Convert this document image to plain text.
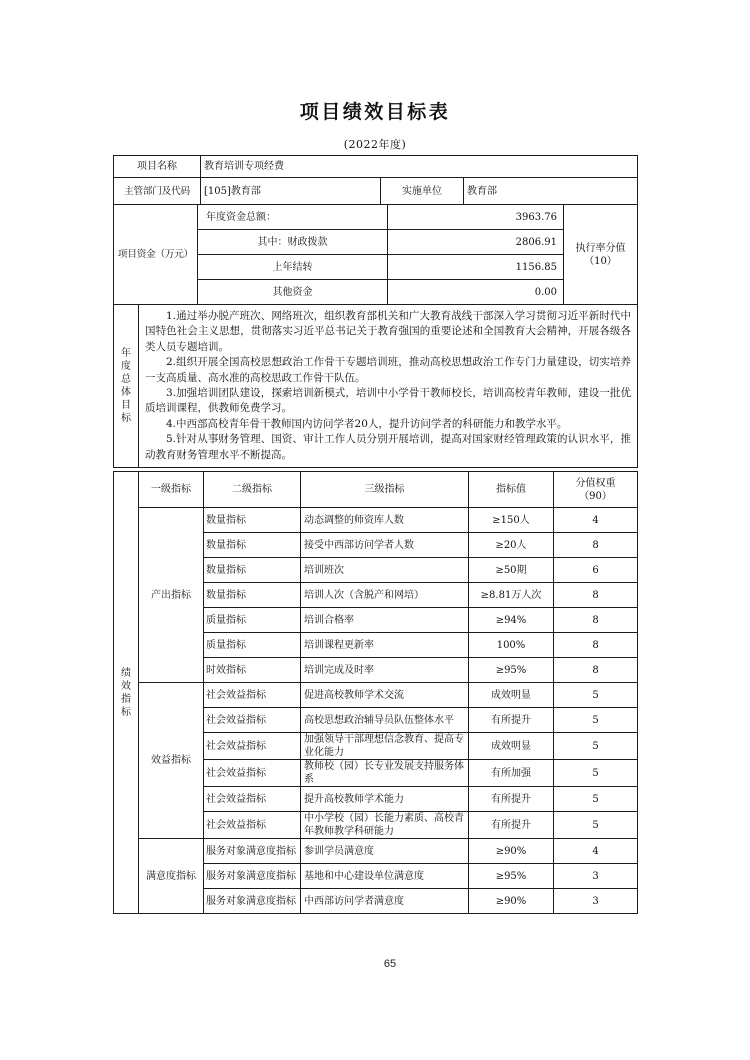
项目绩效目标表
(2022年度)
项目名称	教育培训专项经费		
主管部门及代码	[105]教育部	实施单位	教育部
项目资金（万元）	年度资金总额：	3963.76	执行率分值
（10）
	其中：财政拨款	2806.91	
	上年结转	1156.85	
	其他资金	0.00	
年度
总体
目标	

1.通过举办脱产班次、网络班次，组织教育部机关和广大教育战线干部深入学习贯彻习近平新时代中国特色社会主义思想，贯彻落实习近平总书记关于教育强国的重要论述和全国教育大会精神，开展各级各类人员专题培训。

2.组织开展全国高校思想政治工作骨干专题培训班，推动高校思想政治工作专门力量建设，切实培养一支高质量、高水准的高校思政工作骨干队伍。

3.加强培训团队建设，探索培训新模式，培训中小学骨干教师校长，培训高校青年教师，建设一批优质培训课程，供教师免费学习。

4.中西部高校青年骨干教师国内访问学者20人，提升访问学者的科研能力和教学水平。

5.针对从事财务管理、国资、审计工作人员分别开展培训，提高对国家财经管理政策的认识水平，推动教育财务管理水平不断提高。

绩效
指标	一级指标	二级指标	三级指标	指标值	分值权重
（90）
	产出指标	数量指标	动态调整的师资库人数	≥150人	4
		数量指标	接受中西部访问学者人数	≥20人	8
		数量指标	培训班次	≥50期	6
		数量指标	培训人次（含脱产和网培）	≥8.81万人次	8
		质量指标	培训合格率	≥94%	8
		质量指标	培训课程更新率	100%	8
		时效指标	培训完成及时率	≥95%	8
	效益指标	社会效益指标	促进高校教师学术交流	成效明显	5
		社会效益指标	高校思想政治辅导员队伍整体水平	有所提升	5
		社会效益指标	加强领导干部理想信念教育、提高专业化能力	成效明显	5
		社会效益指标	教师校（园）长专业发展支持服务体系	有所加强	5
		社会效益指标	提升高校教师学术能力	有所提升	5
		社会效益指标	中小学校（园）长能力素质、高校青年教师教学科研能力	有所提升	5
	满意度指标	服务对象满意度指标	参训学员满意度	≥90%	4
		服务对象满意度指标	基地和中心建设单位满意度	≥95%	3
		服务对象满意度指标	中西部访问学者满意度	≥90%	3
65
